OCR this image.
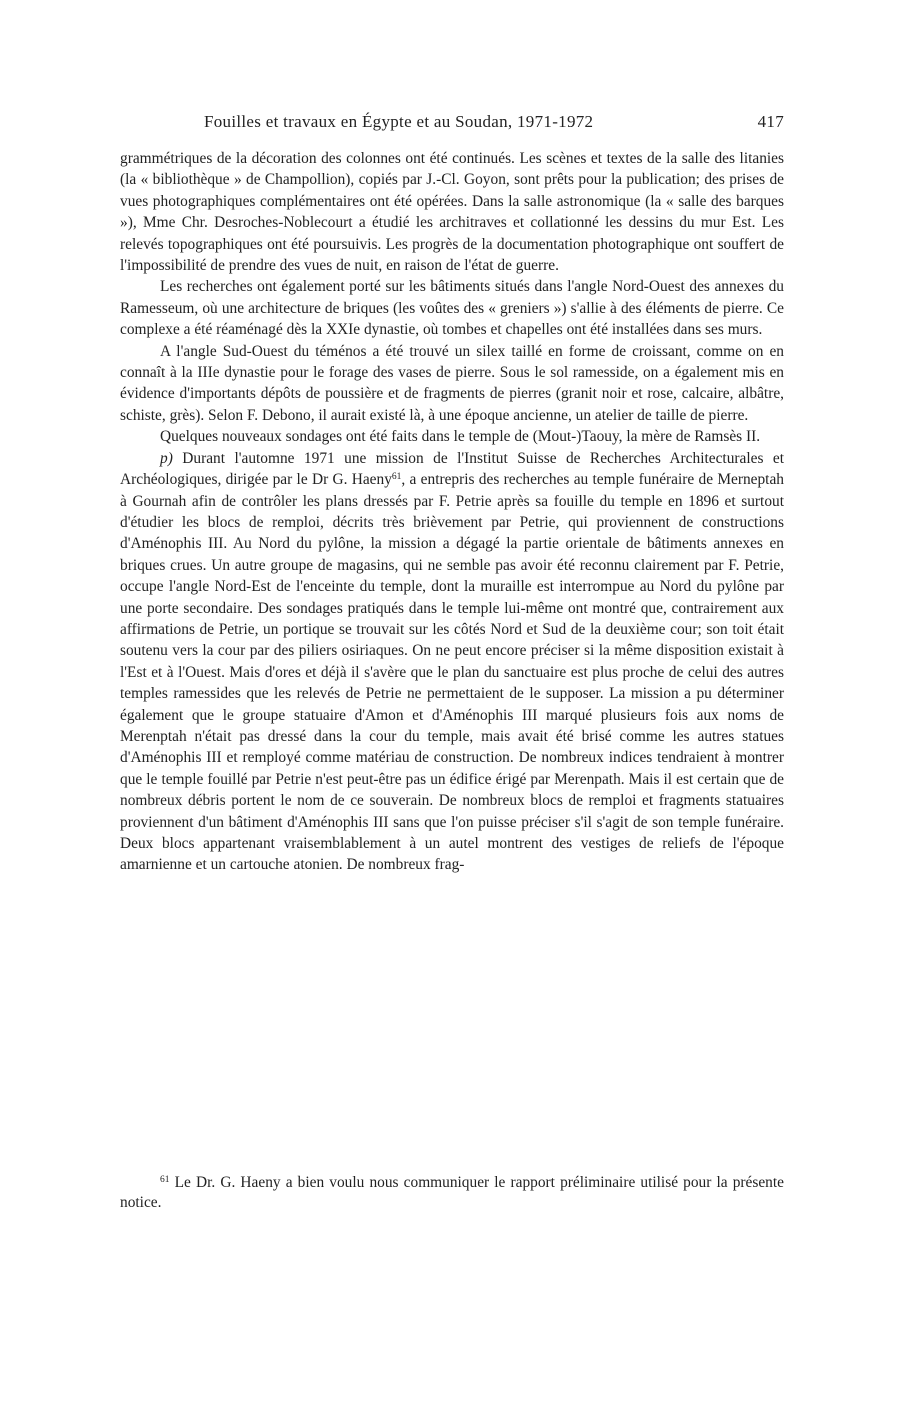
Fouilles et travaux en Égypte et au Soudan, 1971-1972	417

grammétriques de la décoration des colonnes ont été continués. Les scènes et textes de la salle des litanies (la « bibliothèque » de Champollion), copiés par J.-Cl. Goyon, sont prêts pour la publication; des prises de vues photographiques complémentaires ont été opérées. Dans la salle astronomique (la « salle des barques »), Mme Chr. Desroches-Noblecourt a étudié les architraves et collationné les dessins du mur Est. Les relevés topographiques ont été poursuivis. Les progrès de la documentation photographique ont souffert de l'impossibilité de prendre des vues de nuit, en raison de l'état de guerre.

Les recherches ont également porté sur les bâtiments situés dans l'angle Nord-Ouest des annexes du Ramesseum, où une architecture de briques (les voûtes des « greniers ») s'allie à des éléments de pierre. Ce complexe a été réaménagé dès la XXIe dynastie, où tombes et chapelles ont été installées dans ses murs.

A l'angle Sud-Ouest du téménos a été trouvé un silex taillé en forme de croissant, comme on en connaît à la IIIe dynastie pour le forage des vases de pierre. Sous le sol ramesside, on a également mis en évidence d'importants dépôts de poussière et de fragments de pierres (granit noir et rose, calcaire, albâtre, schiste, grès). Selon F. Debono, il aurait existé là, à une époque ancienne, un atelier de taille de pierre.

Quelques nouveaux sondages ont été faits dans le temple de (Mout-)Taouy, la mère de Ramsès II.

p) Durant l'automne 1971 une mission de l'Institut Suisse de Recherches Architecturales et Archéologiques, dirigée par le Dr G. Haeny$^{61}$, a entrepris des recherches au temple funéraire de Merneptah à Gournah afin de contrôler les plans dressés par F. Petrie après sa fouille du temple en 1896 et surtout d'étudier les blocs de remploi, décrits très brièvement par Petrie, qui proviennent de constructions d'Aménophis III. Au Nord du pylône, la mission a dégagé la partie orientale de bâtiments annexes en briques crues. Un autre groupe de magasins, qui ne semble pas avoir été reconnu clairement par F. Petrie, occupe l'angle Nord-Est de l'enceinte du temple, dont la muraille est interrompue au Nord du pylône par une porte secondaire. Des sondages pratiqués dans le temple lui-même ont montré que, contrairement aux affirmations de Petrie, un portique se trouvait sur les côtés Nord et Sud de la deuxième cour; son toit était soutenu vers la cour par des piliers osiriaques. On ne peut encore préciser si la même disposition existait à l'Est et à l'Ouest. Mais d'ores et déjà il s'avère que le plan du sanctuaire est plus proche de celui des autres temples ramessides que les relevés de Petrie ne permettaient de le supposer. La mission a pu déterminer également que le groupe statuaire d'Amon et d'Aménophis III marqué plusieurs fois aux noms de Merenptah n'était pas dressé dans la cour du temple, mais avait été brisé comme les autres statues d'Aménophis III et remployé comme matériau de construction. De nombreux indices tendraient à montrer que le temple fouillé par Petrie n'est peut-être pas un édifice érigé par Merenpath. Mais il est certain que de nombreux débris portent le nom de ce souverain. De nombreux blocs de remploi et fragments statuaires proviennent d'un bâtiment d'Aménophis III sans que l'on puisse préciser s'il s'agit de son temple funéraire. Deux blocs appartenant vraisemblablement à un autel montrent des vestiges de reliefs de l'époque amarnienne et un cartouche atonien. De nombreux frag-

$^{61}$ Le Dr. G. Haeny a bien voulu nous communiquer le rapport préliminaire utilisé pour la présente notice.
